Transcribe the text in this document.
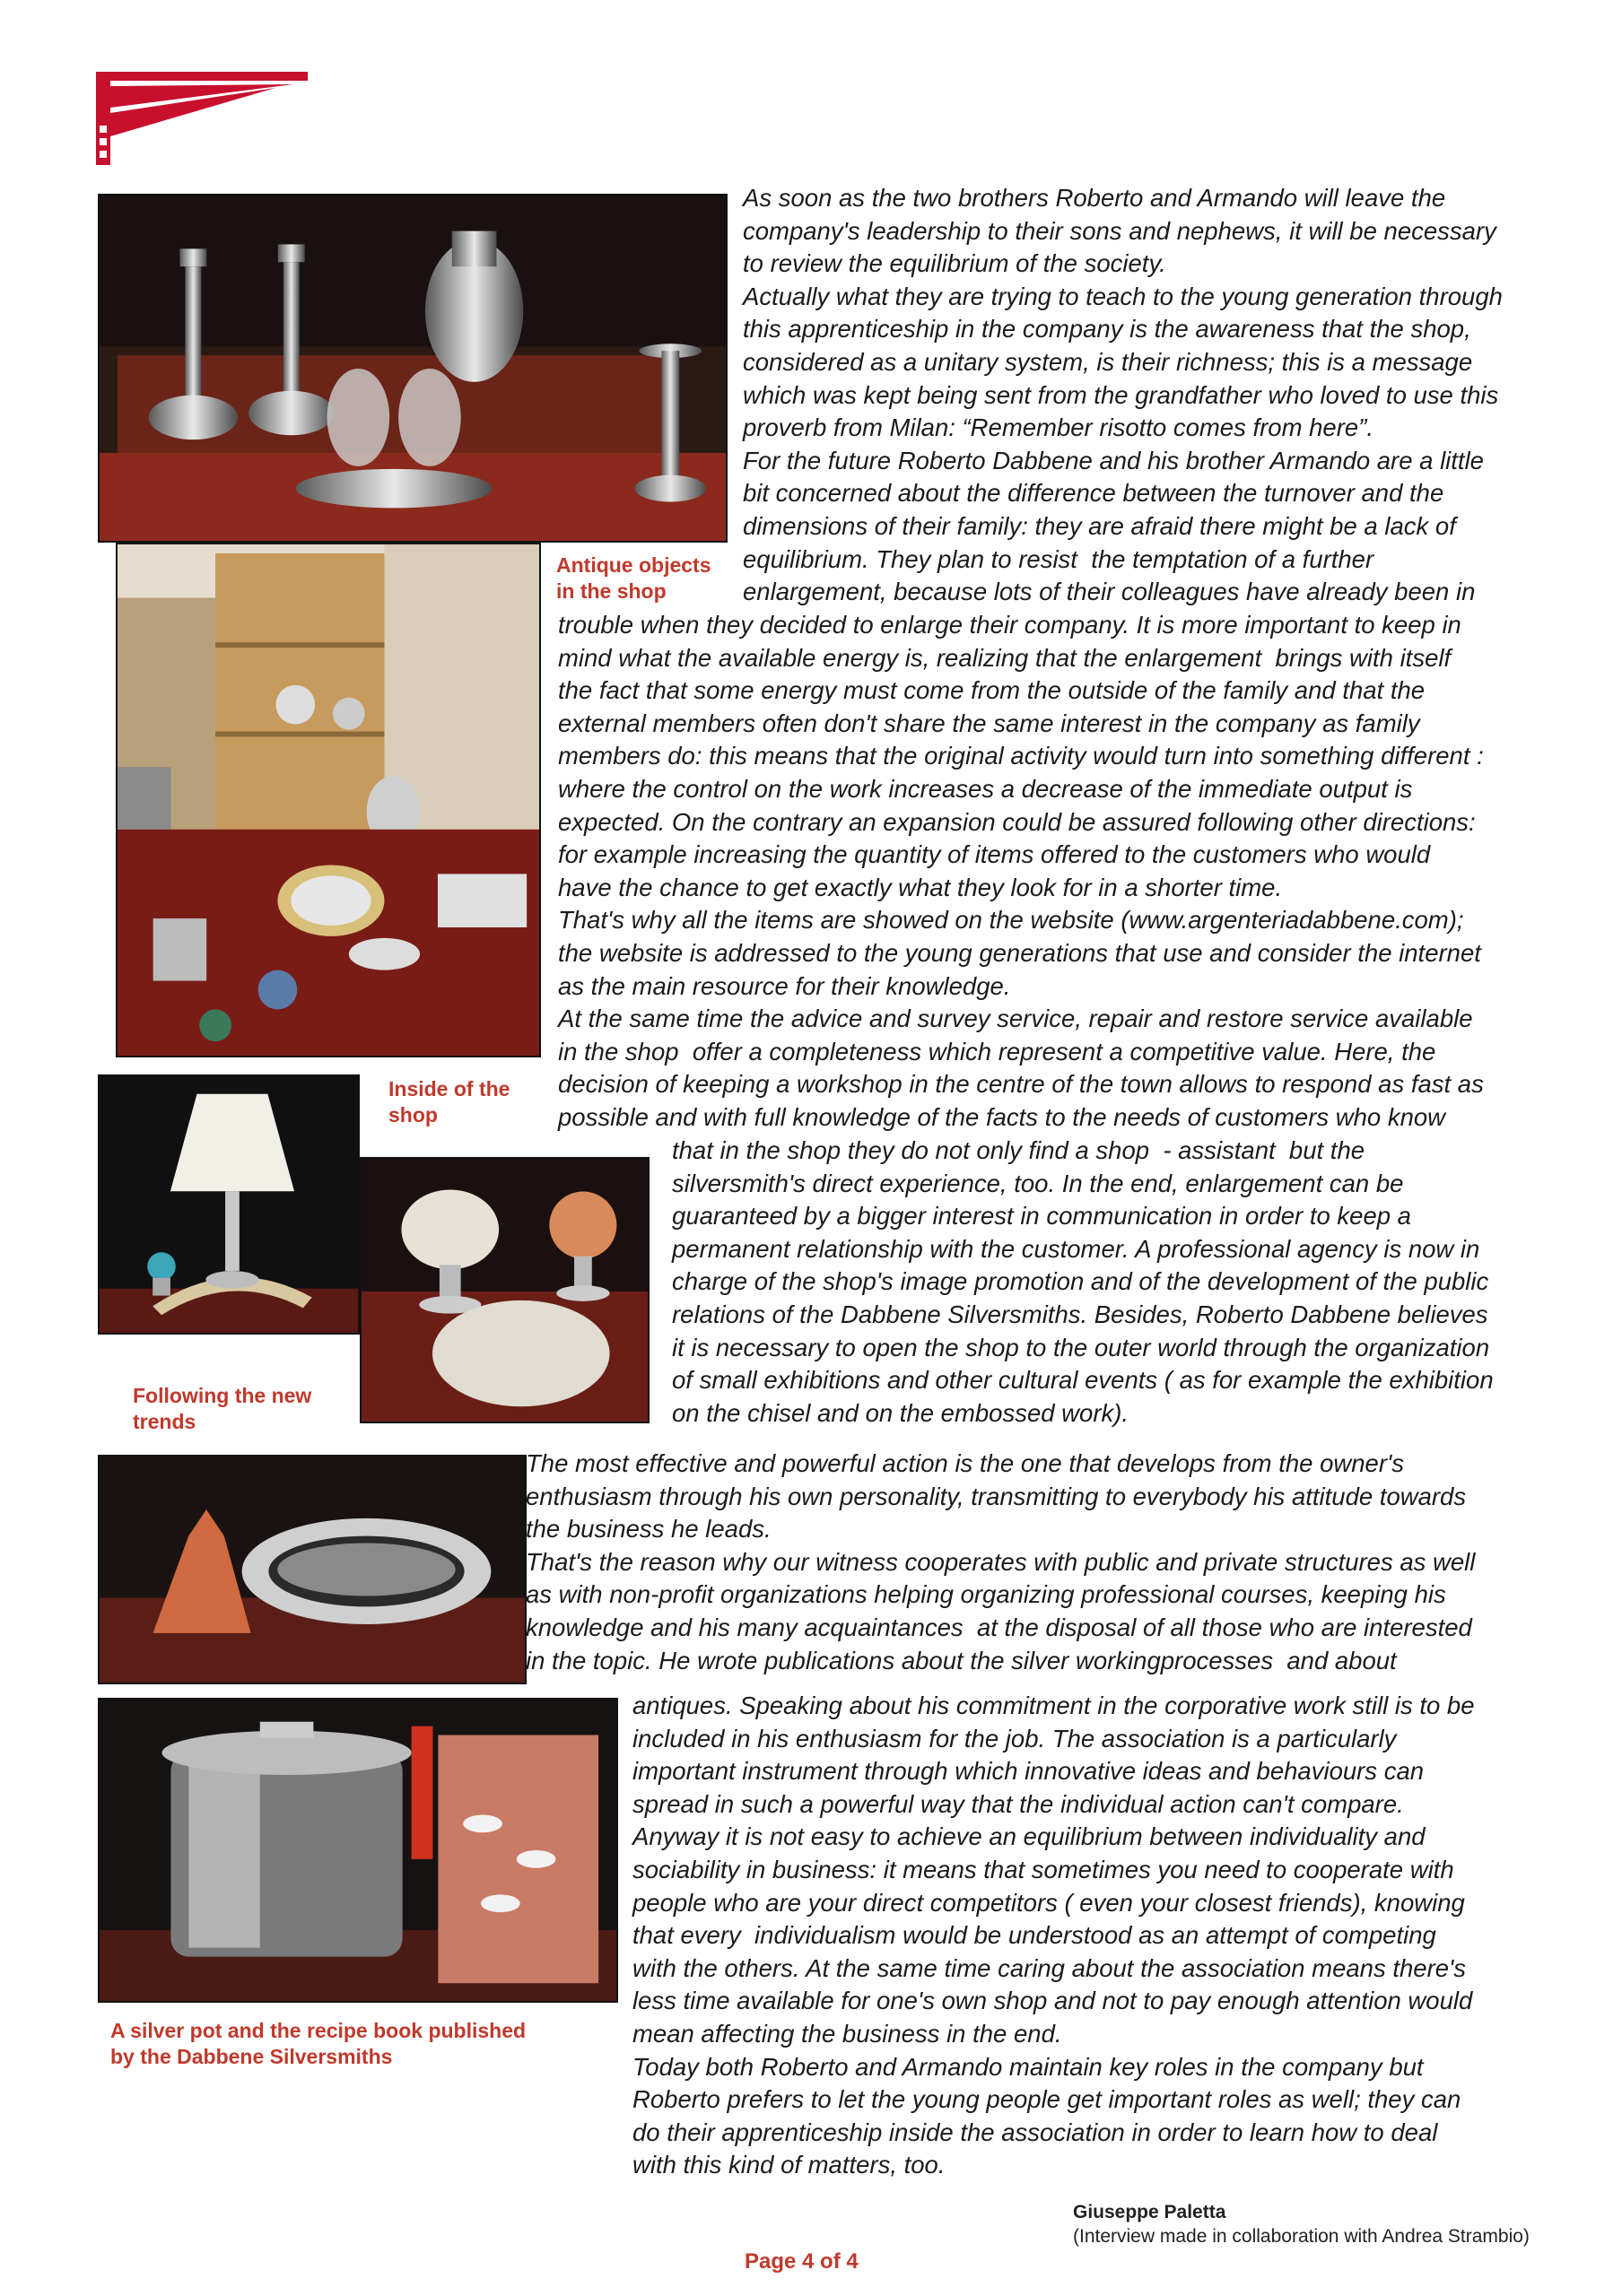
Antique objects
in the shop
Inside of the
shop
Following the new
trends
A silver pot and the recipe book published
by the Dabbene Silversmiths

As soon as the two brothers Roberto and Armando will leave the
company's leadership to their sons and nephews, it will be necessary
to review the equilibrium of the society.
Actually what they are trying to teach to the young generation through
this apprenticeship in the company is the awareness that the shop,
considered as a unitary system, is their richness; this is a message
which was kept being sent from the grandfather who loved to use this
proverb from Milan: “Remember risotto comes from here”.
For the future Roberto Dabbene and his brother Armando are a little
bit concerned about the difference between the turnover and the
dimensions of their family: they are afraid there might be a lack of
equilibrium. They plan to resist  the temptation of a further
enlargement, because lots of their colleagues have already been in

trouble when they decided to enlarge their company. It is more important to keep in
mind what the available energy is, realizing that the enlargement  brings with itself
the fact that some energy must come from the outside of the family and that the
external members often don't share the same interest in the company as family
members do: this means that the original activity would turn into something different :
where the control on the work increases a decrease of the immediate output is
expected. On the contrary an expansion could be assured following other directions:
for example increasing the quantity of items offered to the customers who would
have the chance to get exactly what they look for in a shorter time.
That's why all the items are showed on the website (www.argenteriadabbene.com);
the website is addressed to the young generations that use and consider the internet
as the main resource for their knowledge.
At the same time the advice and survey service, repair and restore service available
in the shop  offer a completeness which represent a competitive value. Here, the
decision of keeping a workshop in the centre of the town allows to respond as fast as
possible and with full knowledge of the facts to the needs of customers who know

that in the shop they do not only find a shop  - assistant  but the
silversmith's direct experience, too. In the end, enlargement can be
guaranteed by a bigger interest in communication in order to keep a
permanent relationship with the customer. A professional agency is now in
charge of the shop's image promotion and of the development of the public
relations of the Dabbene Silversmiths. Besides, Roberto Dabbene believes
it is necessary to open the shop to the outer world through the organization
of small exhibitions and other cultural events ( as for example the exhibition
on the chisel and on the embossed work).

The most effective and powerful action is the one that develops from the owner's
enthusiasm through his own personality, transmitting to everybody his attitude towards
the business he leads.
That's the reason why our witness cooperates with public and private structures as well
as with non-profit organizations helping organizing professional courses, keeping his
knowledge and his many acquaintances  at the disposal of all those who are interested
in the topic. He wrote publications about the silver workingprocesses  and about

antiques. Speaking about his commitment in the corporative work still is to be
included in his enthusiasm for the job. The association is a particularly
important instrument through which innovative ideas and behaviours can
spread in such a powerful way that the individual action can't compare.
Anyway it is not easy to achieve an equilibrium between individuality and
sociability in business: it means that sometimes you need to cooperate with
people who are your direct competitors ( even your closest friends), knowing
that every  individualism would be understood as an attempt of competing
with the others. At the same time caring about the association means there's
less time available for one's own shop and not to pay enough attention would
mean affecting the business in the end.
Today both Roberto and Armando maintain key roles in the company but
Roberto prefers to let the young people get important roles as well; they can
do their apprenticeship inside the association in order to learn how to deal
with this kind of matters, too.

Giuseppe Paletta
(Interview made in collaboration with Andrea Strambio)
Page 4 of 4
